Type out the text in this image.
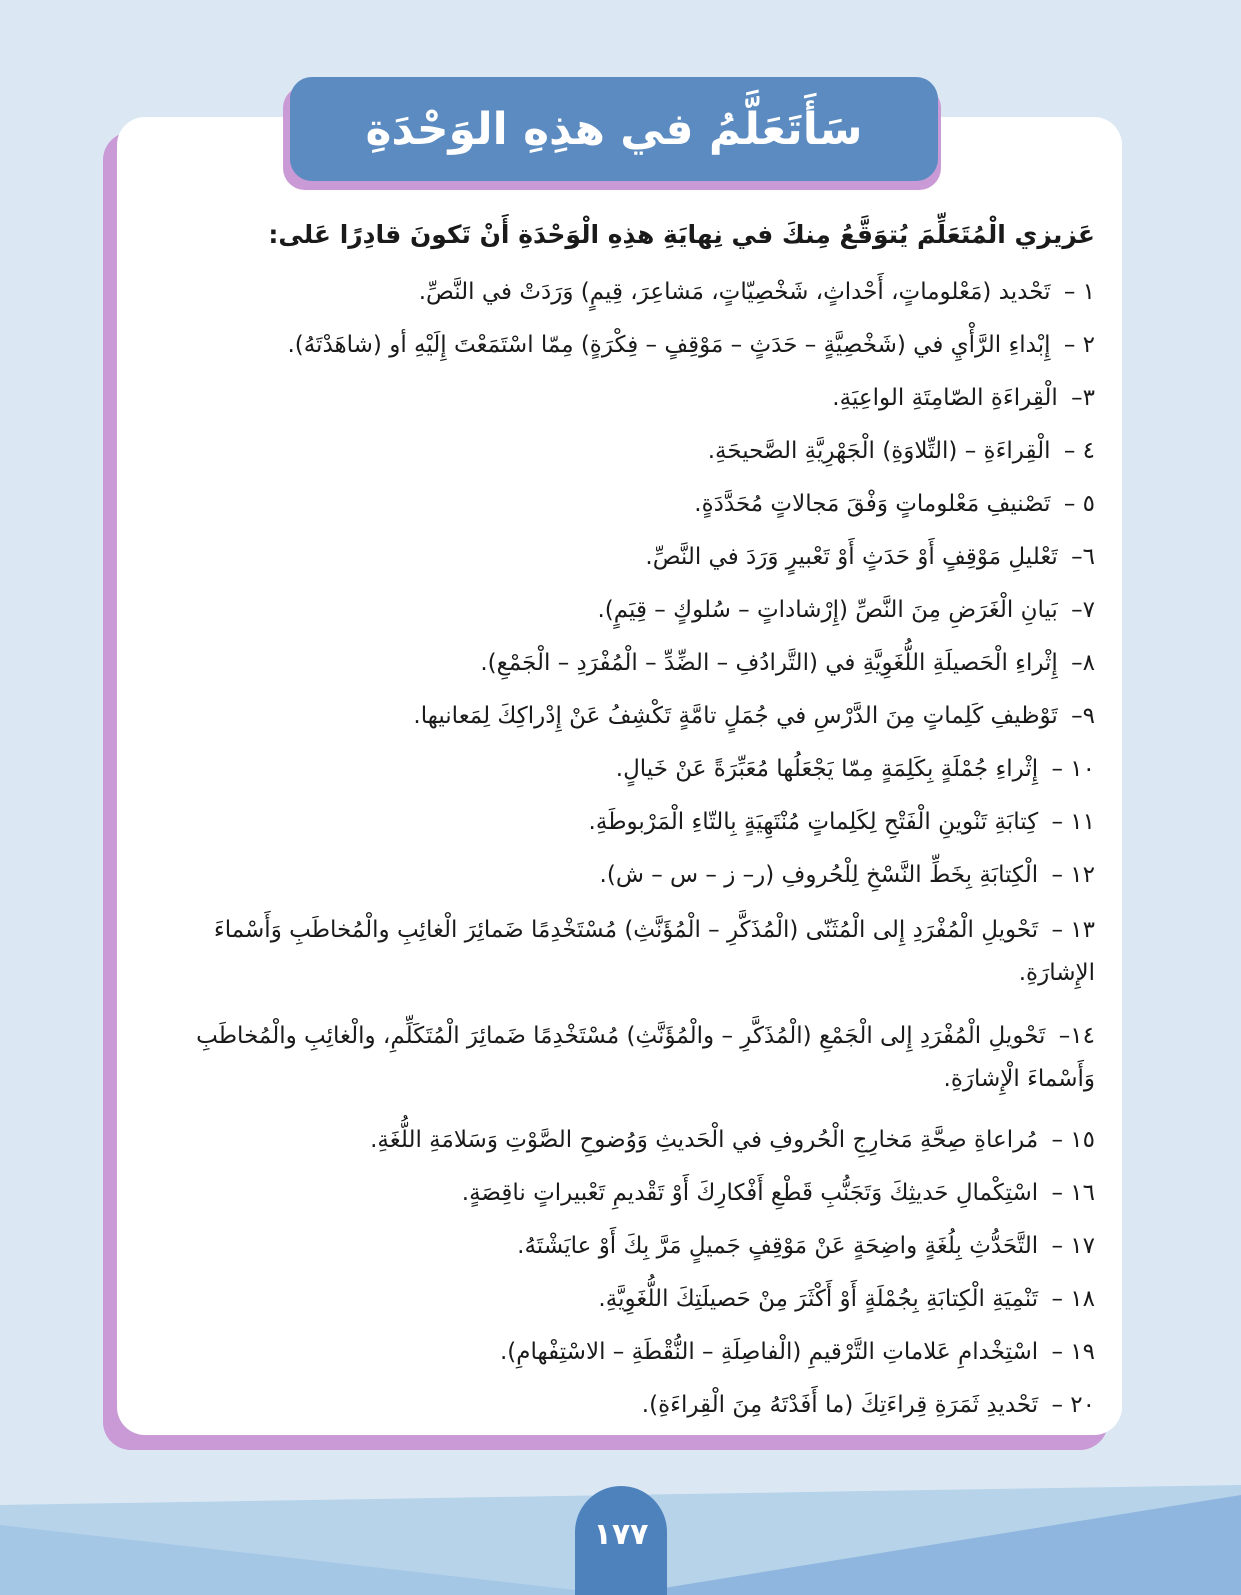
سَأَتَعَلَّمُ في هذِهِ الوَحْدَةِ
عَزيزي الْمُتَعَلِّمَ يُتوَقَّعُ مِنكَ في نِهايَةِ هذِهِ الْوَحْدَةِ أَنْ تَكونَ قادِرًا عَلى:
١ – تَحْديد (مَعْلوماتٍ، أَحْداثٍ، شَخْصِيّاتٍ، مَشاعِرَ، قِيمٍ) وَرَدَتْ في النَّصِّ.
٢ – إِبْداءِ الرَّأْيِ في (شَخْصِيَّةٍ – حَدَثٍ – مَوْقِفٍ – فِكْرَةٍ) مِمّا اسْتَمَعْتَ إِلَيْهِ أو (شاهَدْتَهُ).
٣– الْقِراءَةِ الصّامِتَةِ الواعِيَةِ.
٤ – الْقِراءَةِ – (التِّلاوَةِ) الْجَهْرِيَّةِ الصَّحيحَةِ.
٥ – تَصْنيفِ مَعْلوماتٍ وَفْقَ مَجالاتٍ مُحَدَّدَةٍ.
٦– تَعْليلِ مَوْقِفٍ أَوْ حَدَثٍ أَوْ تَعْبيرٍ وَرَدَ في النَّصِّ.
٧– بَيانِ الْغَرَضِ مِنَ النَّصِّ (إِرْشاداتٍ – سُلوكٍ – قِيَمٍ).
٨– إِثْراءِ الْحَصيلَةِ اللُّغَوِيَّةِ في (التَّرادُفِ – الضِّدِّ – الْمُفْرَدِ – الْجَمْعِ).
٩– تَوْظيفِ كَلِماتٍ مِنَ الدَّرْسِ في جُمَلٍ تامَّةٍ تَكْشِفُ عَنْ إِدْراكِكَ لِمَعانيها.
١٠ – إِثْراءِ جُمْلَةٍ بِكَلِمَةٍ مِمّا يَجْعَلُها مُعَبِّرَةً عَنْ خَيالٍ.
١١ – كِتابَةِ تَنْوينِ الْفَتْحِ لِكَلِماتٍ مُنْتَهِيَةٍ بِالتّاءِ الْمَرْبوطَةِ.
١٢ – الْكِتابَةِ بِخَطِّ النَّسْخِ لِلْحُروفِ (ر– ز – س – ش).
١٣ – تَحْويلِ الْمُفْرَدِ إِلى الْمُثَنّى (الْمُذَكَّرِ – الْمُؤَنَّثِ) مُسْتَخْدِمًا ضَمائِرَ الْغائِبِ والْمُخاطَبِ وَأَسْماءَ الإِشارَةِ.
١٤– تَحْويلِ الْمُفْرَدِ إِلى الْجَمْعِ (الْمُذَكَّرِ – والْمُؤَنَّثِ) مُسْتَخْدِمًا ضَمائِرَ الْمُتَكَلِّمِ، والْغائِبِ والْمُخاطَبِ وَأَسْماءَ الْإِشارَةِ.
١٥ – مُراعاةِ صِحَّةِ مَخارِجِ الْحُروفِ في الْحَديثِ وَوُضوحِ الصَّوْتِ وَسَلامَةِ اللُّغَةِ.
١٦ – اسْتِكْمالِ حَديثِكَ وَتَجَنُّبِ قَطْعِ أَفْكارِكَ أَوْ تَقْديمِ تَعْبيراتٍ ناقِصَةٍ.
١٧ – التَّحَدُّثِ بِلُغَةٍ واضِحَةٍ عَنْ مَوْقِفٍ جَميلٍ مَرَّ بِكَ أَوْ عايَشْتَهُ.
١٨ – تَنْمِيَةِ الْكِتابَةِ بِجُمْلَةٍ أَوْ أَكْثَرَ مِنْ حَصيلَتِكَ اللُّغَوِيَّةِ.
١٩ – اسْتِخْدامِ عَلاماتِ التَّرْقيمِ (الْفاصِلَةِ – النُّقْطَةِ – الاسْتِفْهامِ).
٢٠ – تَحْديدِ ثَمَرَةِ قِراءَتِكَ (ما أَفَدْتَهُ مِنَ الْقِراءَةِ).
١٧٧
